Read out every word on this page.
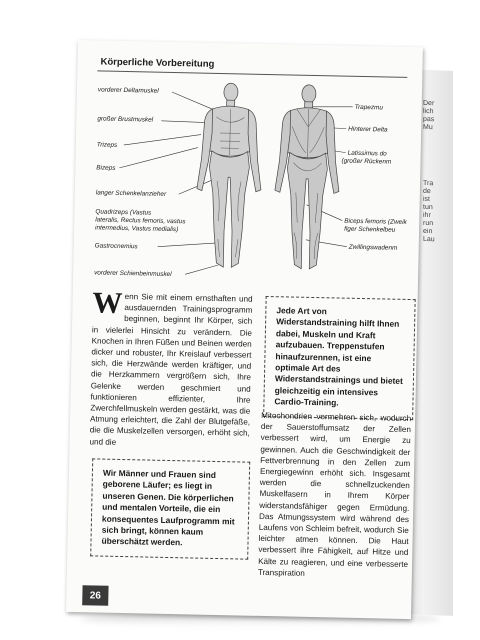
Der
lich
pas
Mu
Tra
de
ist
tun
ihr
run
ein
Lau
Körperliche Vorbereitung
vorderer Deltamuskel
großer Brustmuskel
Trizeps
Bizeps
langer Schenkelanzieher
Quadrizeps (Vastus
lateralis, Rectus femoris, vastus
intermedius, Vastus medialis)
Gastrocnemius
vorderer Schienbeinmuskel
Trapezmu
Hinterer Delta
Latissimus do
(großer Rückenm
Biceps femoris (Zweik
figer Schenkelbeu
Zwillingswadenm
Wenn Sie mit einem ernsthaften und ausdauernden Trainingsprogramm beginnen, beginnt Ihr Körper, sich in vielerlei Hinsicht zu verändern. Die Knochen in Ihren Füßen und Beinen werden dicker und robuster, Ihr Kreislauf verbessert sich, die Herzwände werden kräftiger, und die Herzkammern vergrößern sich, Ihre Gelenke werden geschmiert und funktionieren effizienter, Ihre Zwerchfellmuskeln werden gestärkt, was die Atmung erleichtert, die Zahl der Blutgefäße, die die Muskelzellen versorgen, erhöht sich, und die
Jede Art von Widerstandstraining hilft Ihnen dabei, Muskeln und Kraft aufzubauen. Treppenstufen hinaufzurennen, ist eine optimale Art des Widerstandstrainings und bietet gleichzeitig ein intensives Cardio-Training.
Mitochondrien vermehren sich, wodurch der Sauerstoffumsatz der Zellen verbessert wird, um Energie zu gewinnen. Auch die Geschwindigkeit der Fettverbrennung in den Zellen zum Energiegewinn erhöht sich. Insgesamt werden die schnellzuckenden Muskelfasern in Ihrem Körper widerstandsfähiger gegen Ermüdung. Das Atmungssystem wird während des Laufens von Schleim befreit, wodurch Sie leichter atmen können. Die Haut verbessert ihre Fähigkeit, auf Hitze und Kälte zu reagieren, und eine verbesserte Transpiration
Wir Männer und Frauen sind geborene Läufer; es liegt in unseren Genen. Die körperlichen und mentalen Vorteile, die ein konsequentes Laufprogramm mit sich bringt, können kaum überschätzt werden.
26
